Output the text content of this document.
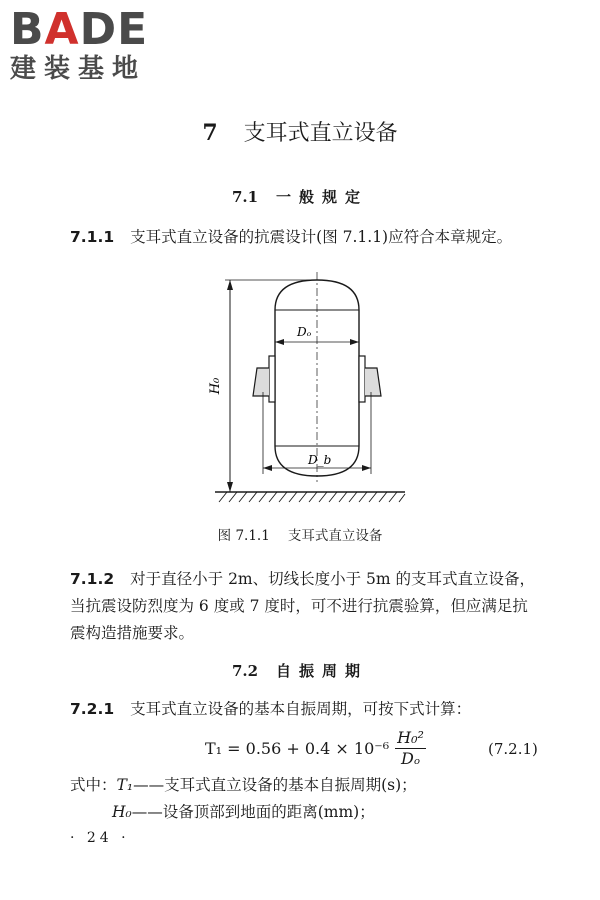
BADE
建装基地
7 支耳式直立设备
7.1 一般规定
7.1.1 支耳式直立设备的抗震设计(图 7.1.1)应符合本章规定。
H₀
Dₒ
D_b
图 7.1.1 支耳式直立设备
7.1.2 对于直径小于 2m、切线长度小于 5m 的支耳式直立设备，
当抗震设防烈度为 6 度或 7 度时，可不进行抗震验算，但应满足抗
震构造措施要求。
7.2 自振周期
7.2.1 支耳式直立设备的基本自振周期，可按下式计算：
$T_1 = 0.56 + 0.4 \times 10^{-6} \frac{\text{H₀²}}{\text{Dₒ}}$	(7.2.1)
式中：T₁——支耳式直立设备的基本自振周期(s)；
H₀——设备顶部到地面的距离(mm)；
· 24 ·
